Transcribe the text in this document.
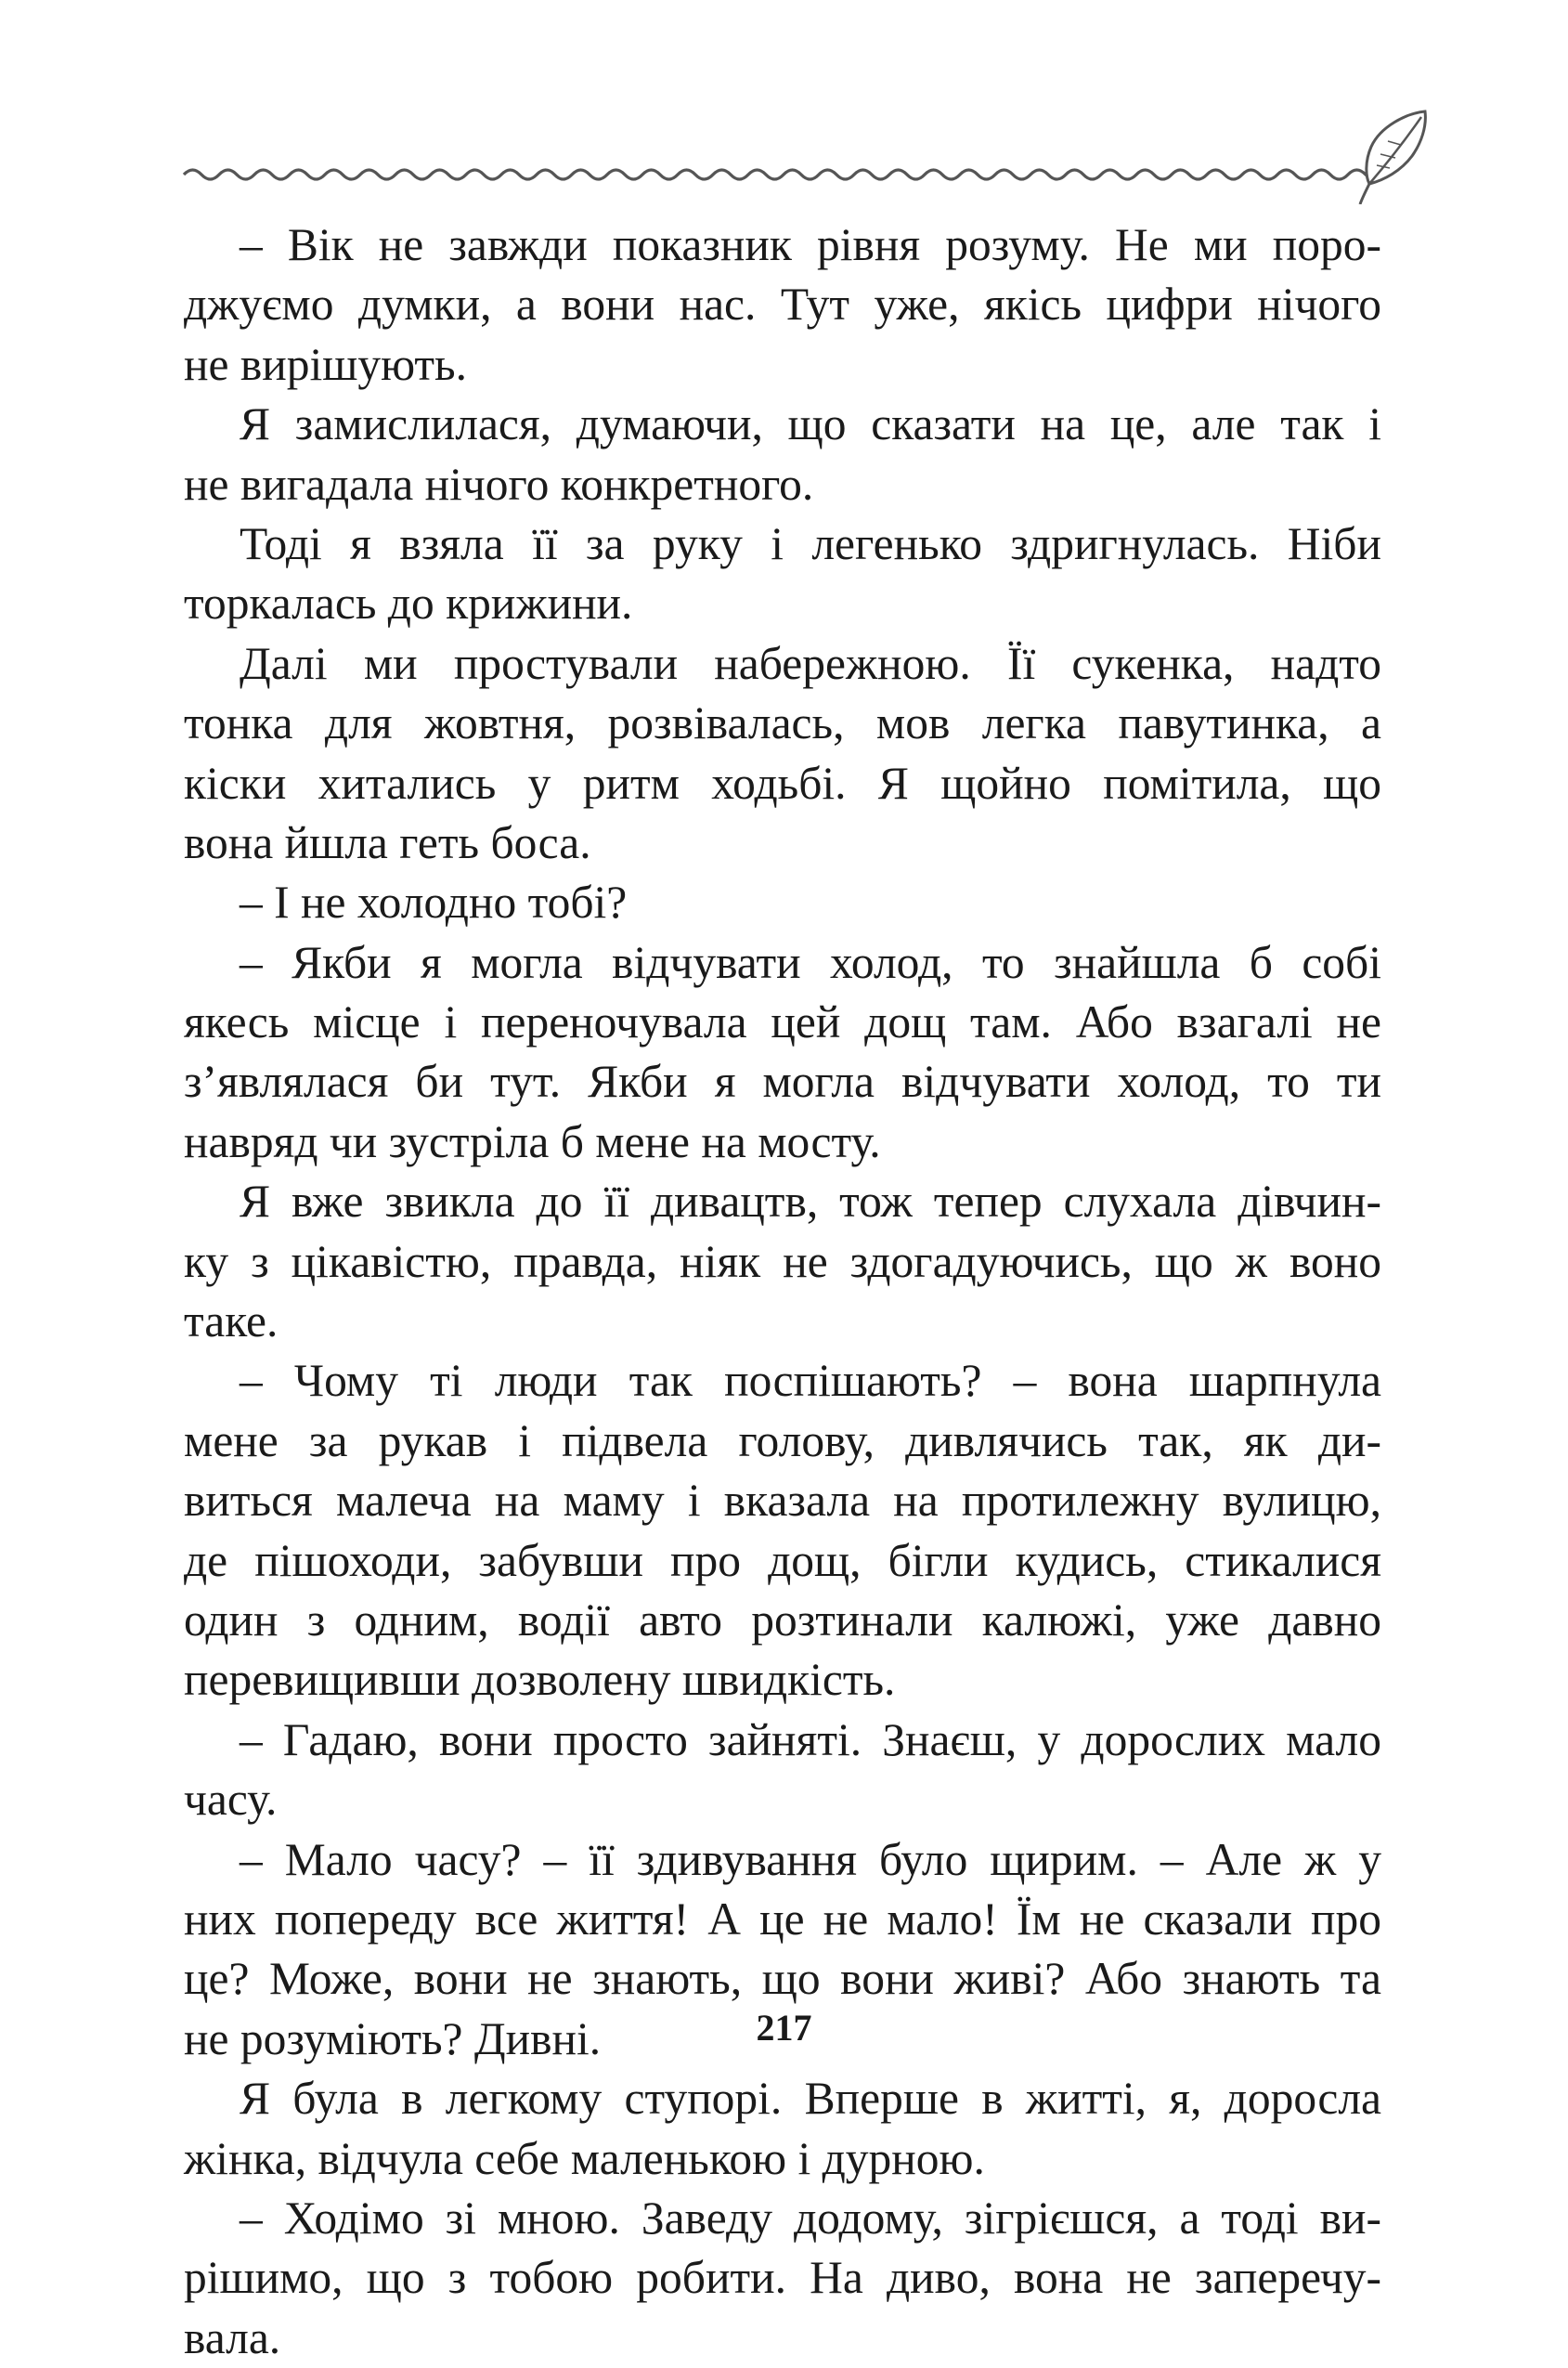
– Вік не завжди показник рівня розуму. Не ми поро-
джуємо думки, а вони нас. Тут уже, якісь цифри нічого
не вирішують.
Я замислилася, думаючи, що сказати на це, але так і
не вигадала нічого конкретного.
Тоді я взяла її за руку і легенько здригнулась. Ніби
торкалась до крижини.
Далі ми простували набережною. Її сукенка, надто
тонка для жовтня, розвівалась, мов легка павутинка, а
кіски хитались у ритм ходьбі. Я щойно помітила, що
вона йшла геть боса.
– І не холодно тобі?
– Якби я могла відчувати холод, то знайшла б собі
якесь місце і переночувала цей дощ там. Або взагалі не
з’являлася би тут. Якби я могла відчувати холод, то ти
навряд чи зустріла б мене на мосту.
Я вже звикла до її дивацтв, тож тепер слухала дівчин-
ку з цікавістю, правда, ніяк не здогадуючись, що ж воно
таке.
– Чому ті люди так поспішають? – вона шарпнула
мене за рукав і підвела голову, дивлячись так, як ди-
виться малеча на маму і вказала на протилежну вулицю,
де пішоходи, забувши про дощ, бігли кудись, стикалися
один з одним, водії авто розтинали калюжі, уже давно
перевищивши дозволену швидкість.
– Гадаю, вони просто зайняті. Знаєш, у дорослих мало
часу.
– Мало часу? – її здивування було щирим. – Але ж у
них попереду все життя! А це не мало! Їм не сказали про
це? Може, вони не знають, що вони живі? Або знають та
не розуміють? Дивні.
Я була в легкому ступорі. Вперше в житті, я, доросла
жінка, відчула себе маленькою і дурною.
– Ходімо зі мною. Заведу додому, зігрієшся, а тоді ви-
рішимо, що з тобою робити. На диво, вона не заперечу-
вала.
217
